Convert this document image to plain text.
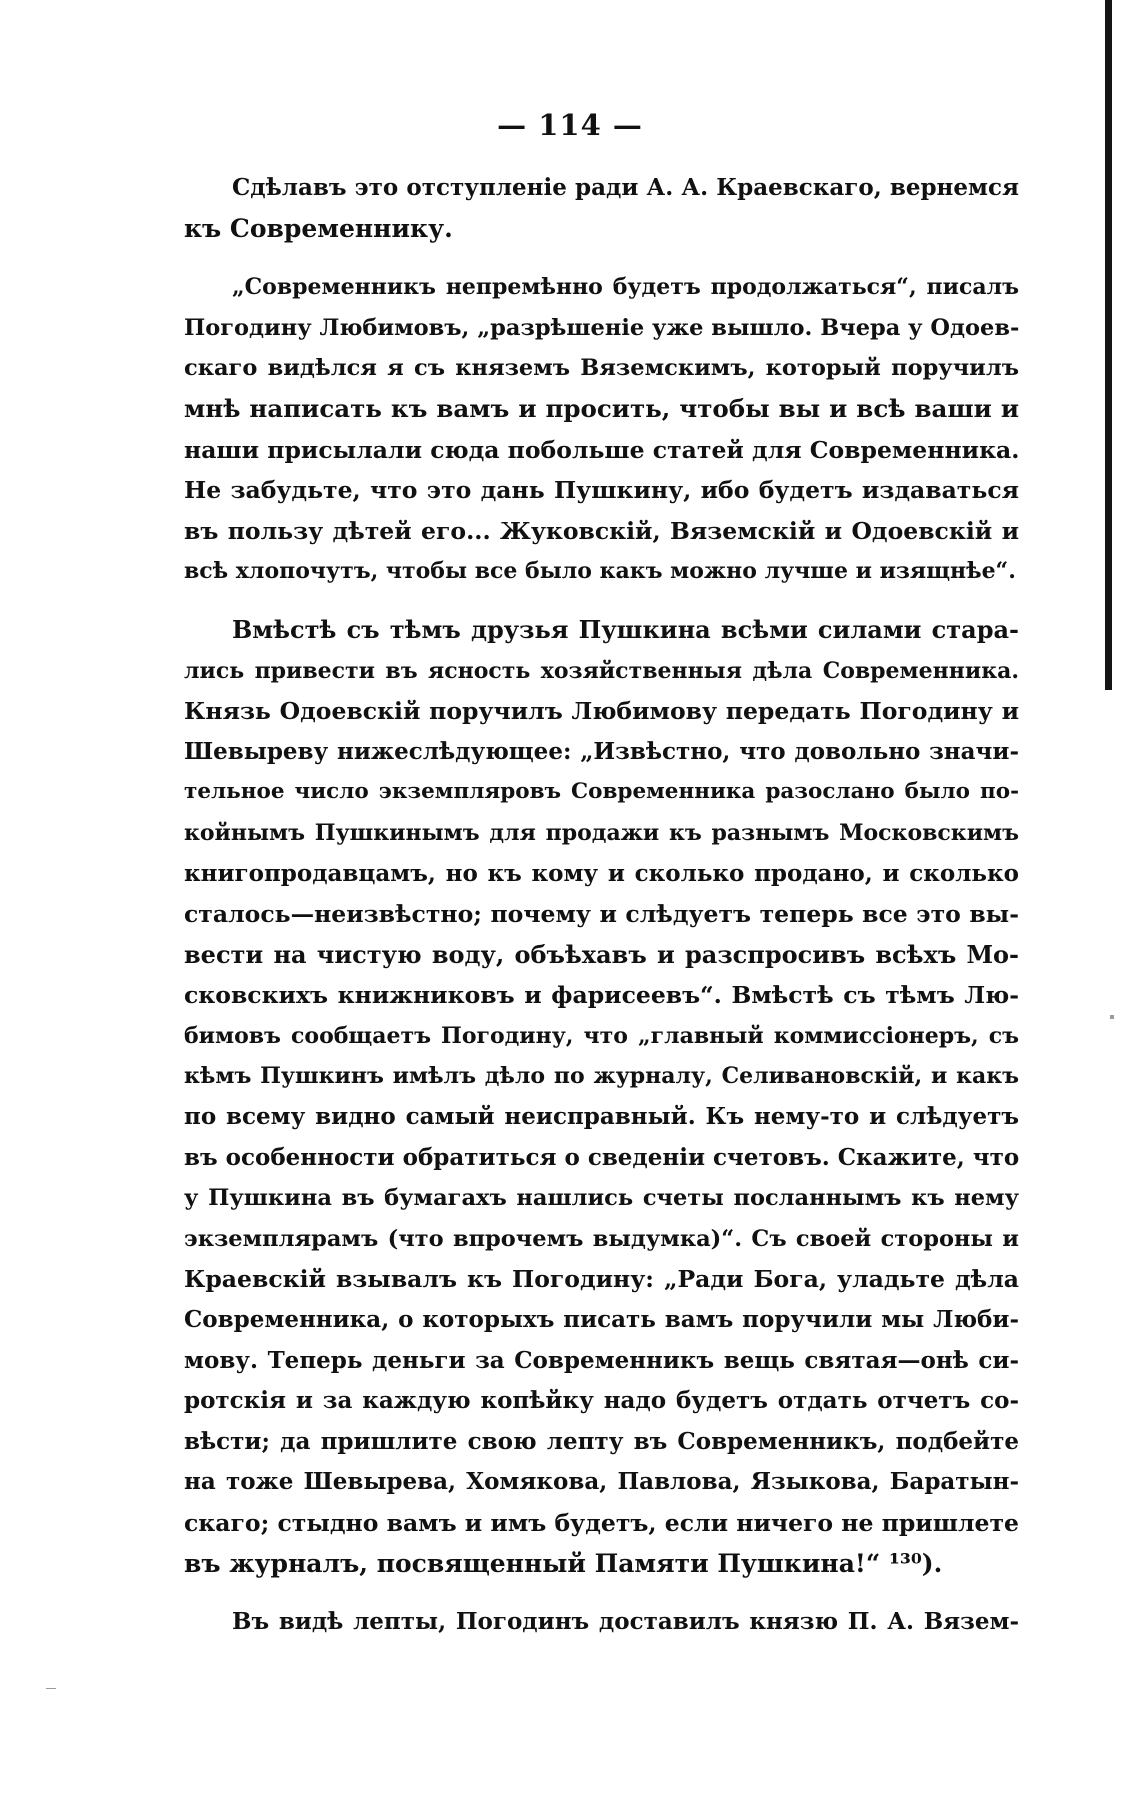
— 114 —
Сдѣлавъ это отступленіе ради А. А. Краевскаго, вернемся
къ Современнику.
„Современникъ непремѣнно будетъ продолжаться“, писалъ
Погодину Любимовъ, „разрѣшеніе уже вышло. Вчера у Одоев-
скаго видѣлся я съ княземъ Вяземскимъ, который поручилъ
мнѣ написать къ вамъ и просить, чтобы вы и всѣ ваши и
наши присылали сюда побольше статей для Современника.
Не забудьте, что это дань Пушкину, ибо будетъ издаваться
въ пользу дѣтей его... Жуковскій, Вяземскій и Одоевскій и
всѣ хлопочутъ, чтобы все было какъ можно лучше и изящнѣе“.
Вмѣстѣ съ тѣмъ друзья Пушкина всѣми силами стара-
лись привести въ ясность хозяйственныя дѣла Современника.
Князь Одоевскій поручилъ Любимову передать Погодину и
Шевыреву нижеслѣдующее: „Извѣстно, что довольно значи-
тельное число экземпляровъ Современника разослано было по-
койнымъ Пушкинымъ для продажи къ разнымъ Московскимъ
книгопродавцамъ, но къ кому и сколько продано, и сколько
сталось—неизвѣстно; почему и слѣдуетъ теперь все это вы-
вести на чистую воду, объѣхавъ и разспросивъ всѣхъ Мо-
сковскихъ книжниковъ и фарисеевъ“. Вмѣстѣ съ тѣмъ Лю-
бимовъ сообщаетъ Погодину, что „главный коммиссіонеръ, съ
кѣмъ Пушкинъ имѣлъ дѣло по журналу, Селивановскій, и какъ
по всему видно самый неисправный. Къ нему-то и слѣдуетъ
въ особенности обратиться о сведеніи счетовъ. Скажите, что
у Пушкина въ бумагахъ нашлись счеты посланнымъ къ нему
экземплярамъ (что впрочемъ выдумка)“. Съ своей стороны и
Краевскій взывалъ къ Погодину: „Ради Бога, уладьте дѣла
Современника, о которыхъ писать вамъ поручили мы Люби-
мову. Теперь деньги за Современникъ вещь святая—онѣ си-
ротскія и за каждую копѣйку надо будетъ отдать отчетъ со-
вѣсти; да пришлите свою лепту въ Современникъ, подбейте
на тоже Шевырева, Хомякова, Павлова, Языкова, Баратын-
скаго; стыдно вамъ и имъ будетъ, если ничего не пришлете
въ журналъ, посвященный Памяти Пушкина!“ ¹³⁰).
Въ видѣ лепты, Погодинъ доставилъ князю П. А. Вязем-
